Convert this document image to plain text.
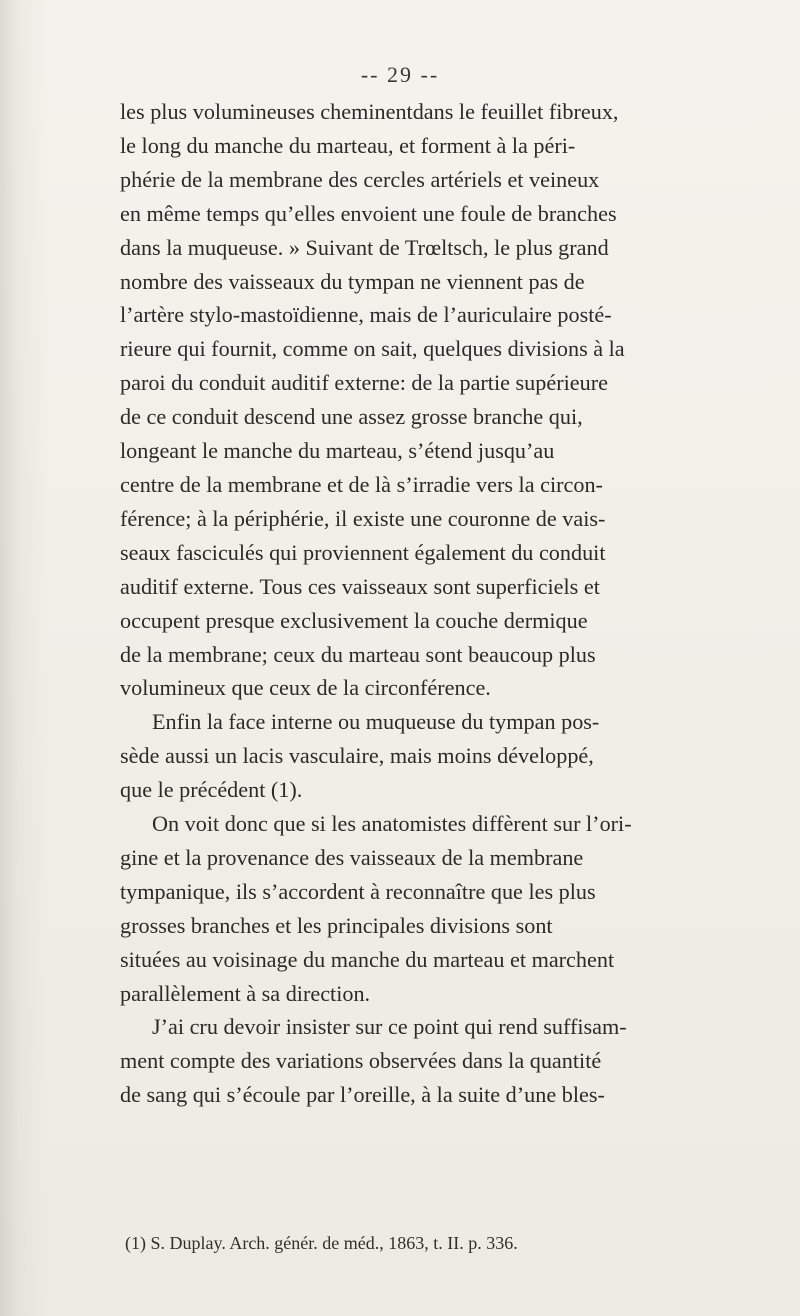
-- 29 --
les plus volumineuses cheminentdans le feuillet fibreux,
le long du manche du marteau, et forment à la péri-
phérie de la membrane des cercles artériels et veineux
en même temps qu’elles envoient une foule de branches
dans la muqueuse. » Suivant de Trœltsch, le plus grand
nombre des vaisseaux du tympan ne viennent pas de
l’artère stylo-mastoïdienne, mais de l’auriculaire posté-
rieure qui fournit, comme on sait, quelques divisions à la
paroi du conduit auditif externe: de la partie supérieure
de ce conduit descend une assez grosse branche qui,
longeant le manche du marteau, s’étend jusqu’au
centre de la membrane et de là s’irradie vers la circon-
férence; à la périphérie, il existe une couronne de vais-
seaux fasciculés qui proviennent également du conduit
auditif externe. Tous ces vaisseaux sont superficiels et
occupent presque exclusivement la couche dermique
de la membrane; ceux du marteau sont beaucoup plus
volumineux que ceux de la circonférence.
Enfin la face interne ou muqueuse du tympan pos-
sède aussi un lacis vasculaire, mais moins développé,
que le précédent (1).
On voit donc que si les anatomistes diffèrent sur l’ori-
gine et la provenance des vaisseaux de la membrane
tympanique, ils s’accordent à reconnaître que les plus
grosses branches et les principales divisions sont
situées au voisinage du manche du marteau et marchent
parallèlement à sa direction.
J’ai cru devoir insister sur ce point qui rend suffisam-
ment compte des variations observées dans la quantité
de sang qui s’écoule par l’oreille, à la suite d’une bles-
(1) S. Duplay. Arch. génér. de méd., 1863, t. II. p. 336.
